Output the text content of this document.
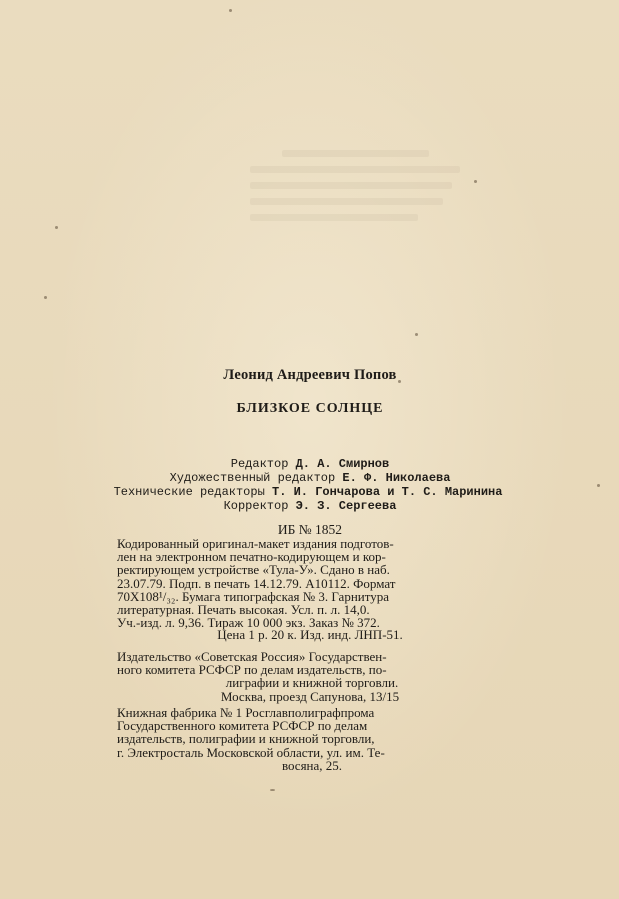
Леонид Андреевич Попов
БЛИЗКОЕ СОЛНЦЕ
Редактор Д. А. Смирнов
Художественный редактор Е. Ф. Николаева
Технические редакторы Т. И. Гончарова и Т. С. Маринина
Корректор Э. З. Сергеева
ИБ № 1852
Кодированный оригинал-макет издания подготов-
лен на электронном печатно-кодирующем и кор-
ректирующем устройстве «Тула-У». Сдано в наб.
23.07.79. Подп. в печать 14.12.79. А10112. Формат
70X108¹/₃₂. Бумага типографская № 3. Гарнитура
литературная. Печать высокая. Усл. п. л. 14,0.
Уч.-изд. л. 9,36. Тираж 10 000 экз. Заказ № 372.
Цена 1 р. 20 к. Изд. инд. ЛНП-51.
Издательство «Советская Россия» Государствен-
ного комитета РСФСР по делам издательств, по-
лиграфии и книжной торговли.
Москва, проезд Сапунова, 13/15
Книжная фабрика № 1 Росглавполиграфпрома
Государственного комитета РСФСР по делам
издательств, полиграфии и книжной торговли,
г. Электросталь Московской области, ул. им. Те-
восяна, 25.
